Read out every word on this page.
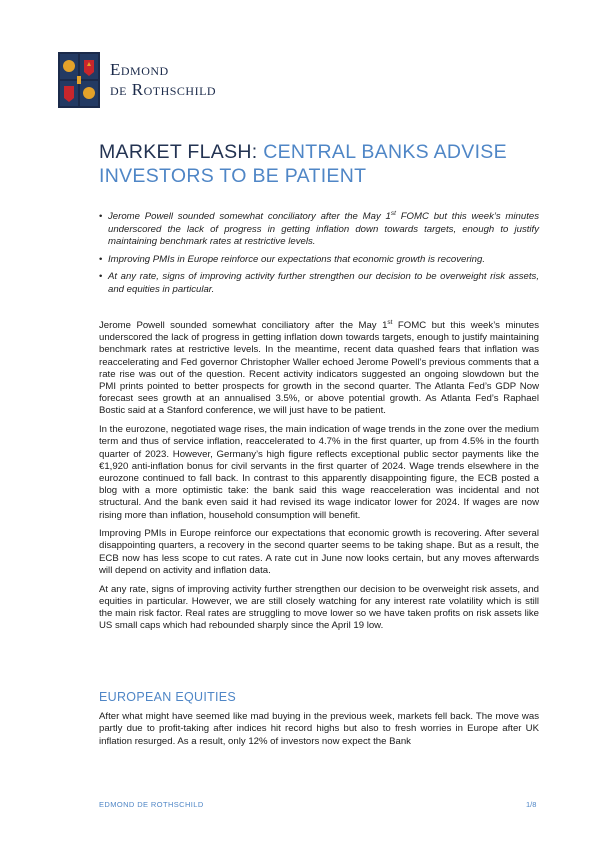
Edmond
de Rothschild
MARKET FLASH: CENTRAL BANKS ADVISE INVESTORS TO BE PATIENT
• Jerome Powell sounded somewhat conciliatory after the May 1st FOMC but this week’s minutes underscored the lack of progress in getting inflation down towards targets, enough to justify maintaining benchmark rates at restrictive levels.
• Improving PMIs in Europe reinforce our expectations that economic growth is recovering.
• At any rate, signs of improving activity further strengthen our decision to be overweight risk assets, and equities in particular.

Jerome Powell sounded somewhat conciliatory after the May 1st FOMC but this week’s minutes underscored the lack of progress in getting inflation down towards targets, enough to justify maintaining benchmark rates at restrictive levels. In the meantime, recent data quashed fears that inflation was reaccelerating and Fed governor Christopher Waller echoed Jerome Powell’s previous comments that a rate rise was out of the question. Recent activity indicators suggested an ongoing slowdown but the PMI prints pointed to better prospects for growth in the second quarter. The Atlanta Fed’s GDP Now forecast sees growth at an annualised 3.5%, or above potential growth. As Atlanta Fed’s Raphael Bostic said at a Stanford conference, we will just have to be patient.

In the eurozone, negotiated wage rises, the main indication of wage trends in the zone over the medium term and thus of service inflation, reaccelerated to 4.7% in the first quarter, up from 4.5% in the fourth quarter of 2023. However, Germany’s high figure reflects exceptional public sector payments like the €1,920 anti-inflation bonus for civil servants in the first quarter of 2024. Wage trends elsewhere in the eurozone continued to fall back. In contrast to this apparently disappointing figure, the ECB posted a blog with a more optimistic take: the bank said this wage reacceleration was incidental and not structural. And the bank even said it had revised its wage indicator lower for 2024. If wages are now rising more than inflation, household consumption will benefit.

Improving PMIs in Europe reinforce our expectations that economic growth is recovering. After several disappointing quarters, a recovery in the second quarter seems to be taking shape. But as a result, the ECB now has less scope to cut rates. A rate cut in June now looks certain, but any moves afterwards will depend on activity and inflation data.

At any rate, signs of improving activity further strengthen our decision to be overweight risk assets, and equities in particular. However, we are still closely watching for any interest rate volatility which is still the main risk factor. Real rates are struggling to move lower so we have taken profits on risk assets like US small caps which had rebounded sharply since the April 19 low.

EUROPEAN EQUITIES
After what might have seemed like mad buying in the previous week, markets fell back. The move was partly due to profit-taking after indices hit record highs but also to fresh worries in Europe after UK inflation resurged. As a result, only 12% of investors now expect the Bank
EDMOND DE ROTHSCHILD	1/8
